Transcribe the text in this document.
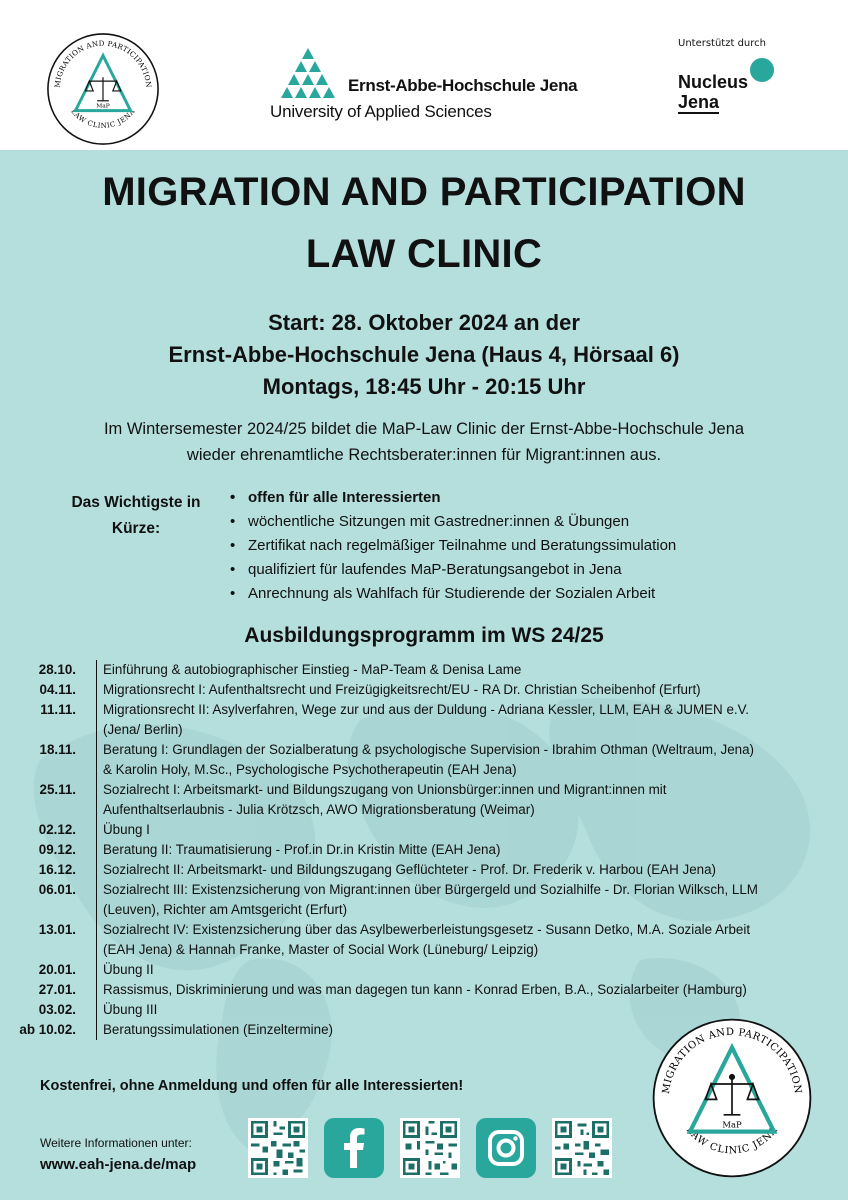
MIGRATION AND PARTICIPATION
LAW CLINIC JENA
MaP
Ernst-Abbe-Hochschule Jena
University of Applied Sciences
Unterstützt durch
Nucleus
Jena
MIGRATION AND PARTICIPATION
LAW CLINIC
Start: 28. Oktober 2024 an der
Ernst-Abbe-Hochschule Jena (Haus 4, Hörsaal 6)
Montags, 18:45 Uhr - 20:15 Uhr
Im Wintersemester 2024/25 bildet die MaP-Law Clinic der Ernst-Abbe-Hochschule Jena
wieder ehrenamtliche Rechtsberater:innen für Migrant:innen aus.
Das Wichtigste in
Kürze:
• offen für alle Interessierten
• wöchentliche Sitzungen mit Gastredner:innen & Übungen
• Zertifikat nach regelmäßiger Teilnahme und Beratungssimulation
• qualifiziert für laufendes MaP-Beratungsangebot in Jena
• Anrechnung als Wahlfach für Studierende der Sozialen Arbeit
Ausbildungsprogramm im WS 24/25
28.10.	Einführung & autobiographischer Einstieg - MaP-Team & Denisa Lame
04.11.	Migrationsrecht I: Aufenthaltsrecht und Freizügigkeitsrecht/EU - RA Dr. Christian Scheibenhof (Erfurt)
11.11.	Migrationsrecht II: Asylverfahren, Wege zur und aus der Duldung - Adriana Kessler, LLM, EAH & JUMEN e.V.
(Jena/ Berlin)
18.11.	Beratung I: Grundlagen der Sozialberatung & psychologische Supervision - Ibrahim Othman (Weltraum, Jena)
& Karolin Holy, M.Sc., Psychologische Psychotherapeutin (EAH Jena)
25.11.	Sozialrecht I: Arbeitsmarkt- und Bildungszugang von Unionsbürger:innen und Migrant:innen mit
Aufenthaltserlaubnis - Julia Krötzsch, AWO Migrationsberatung (Weimar)
02.12.	Übung I
09.12.	Beratung II: Traumatisierung - Prof.in Dr.in Kristin Mitte (EAH Jena)
16.12.	Sozialrecht II: Arbeitsmarkt- und Bildungszugang Geflüchteter - Prof. Dr. Frederik v. Harbou (EAH Jena)
06.01.	Sozialrecht III: Existenzsicherung von Migrant:innen über Bürgergeld und Sozialhilfe - Dr. Florian Wilksch, LLM
(Leuven), Richter am Amtsgericht (Erfurt)
13.01.	Sozialrecht IV: Existenzsicherung über das Asylbewerberleistungsgesetz - Susann Detko, M.A. Soziale Arbeit
(EAH Jena) & Hannah Franke, Master of Social Work (Lüneburg/ Leipzig)
20.01.	Übung II
27.01.	Rassismus, Diskriminierung und was man dagegen tun kann - Konrad Erben, B.A., Sozialarbeiter (Hamburg)
03.02.	Übung III
ab 10.02.	Beratungssimulationen (Einzeltermine)
Kostenfrei, ohne Anmeldung und offen für alle Interessierten!
Weitere Informationen unter:
www.eah-jena.de/map
MIGRATION AND PARTICIPATION
LAW CLINIC JENA
MaP
